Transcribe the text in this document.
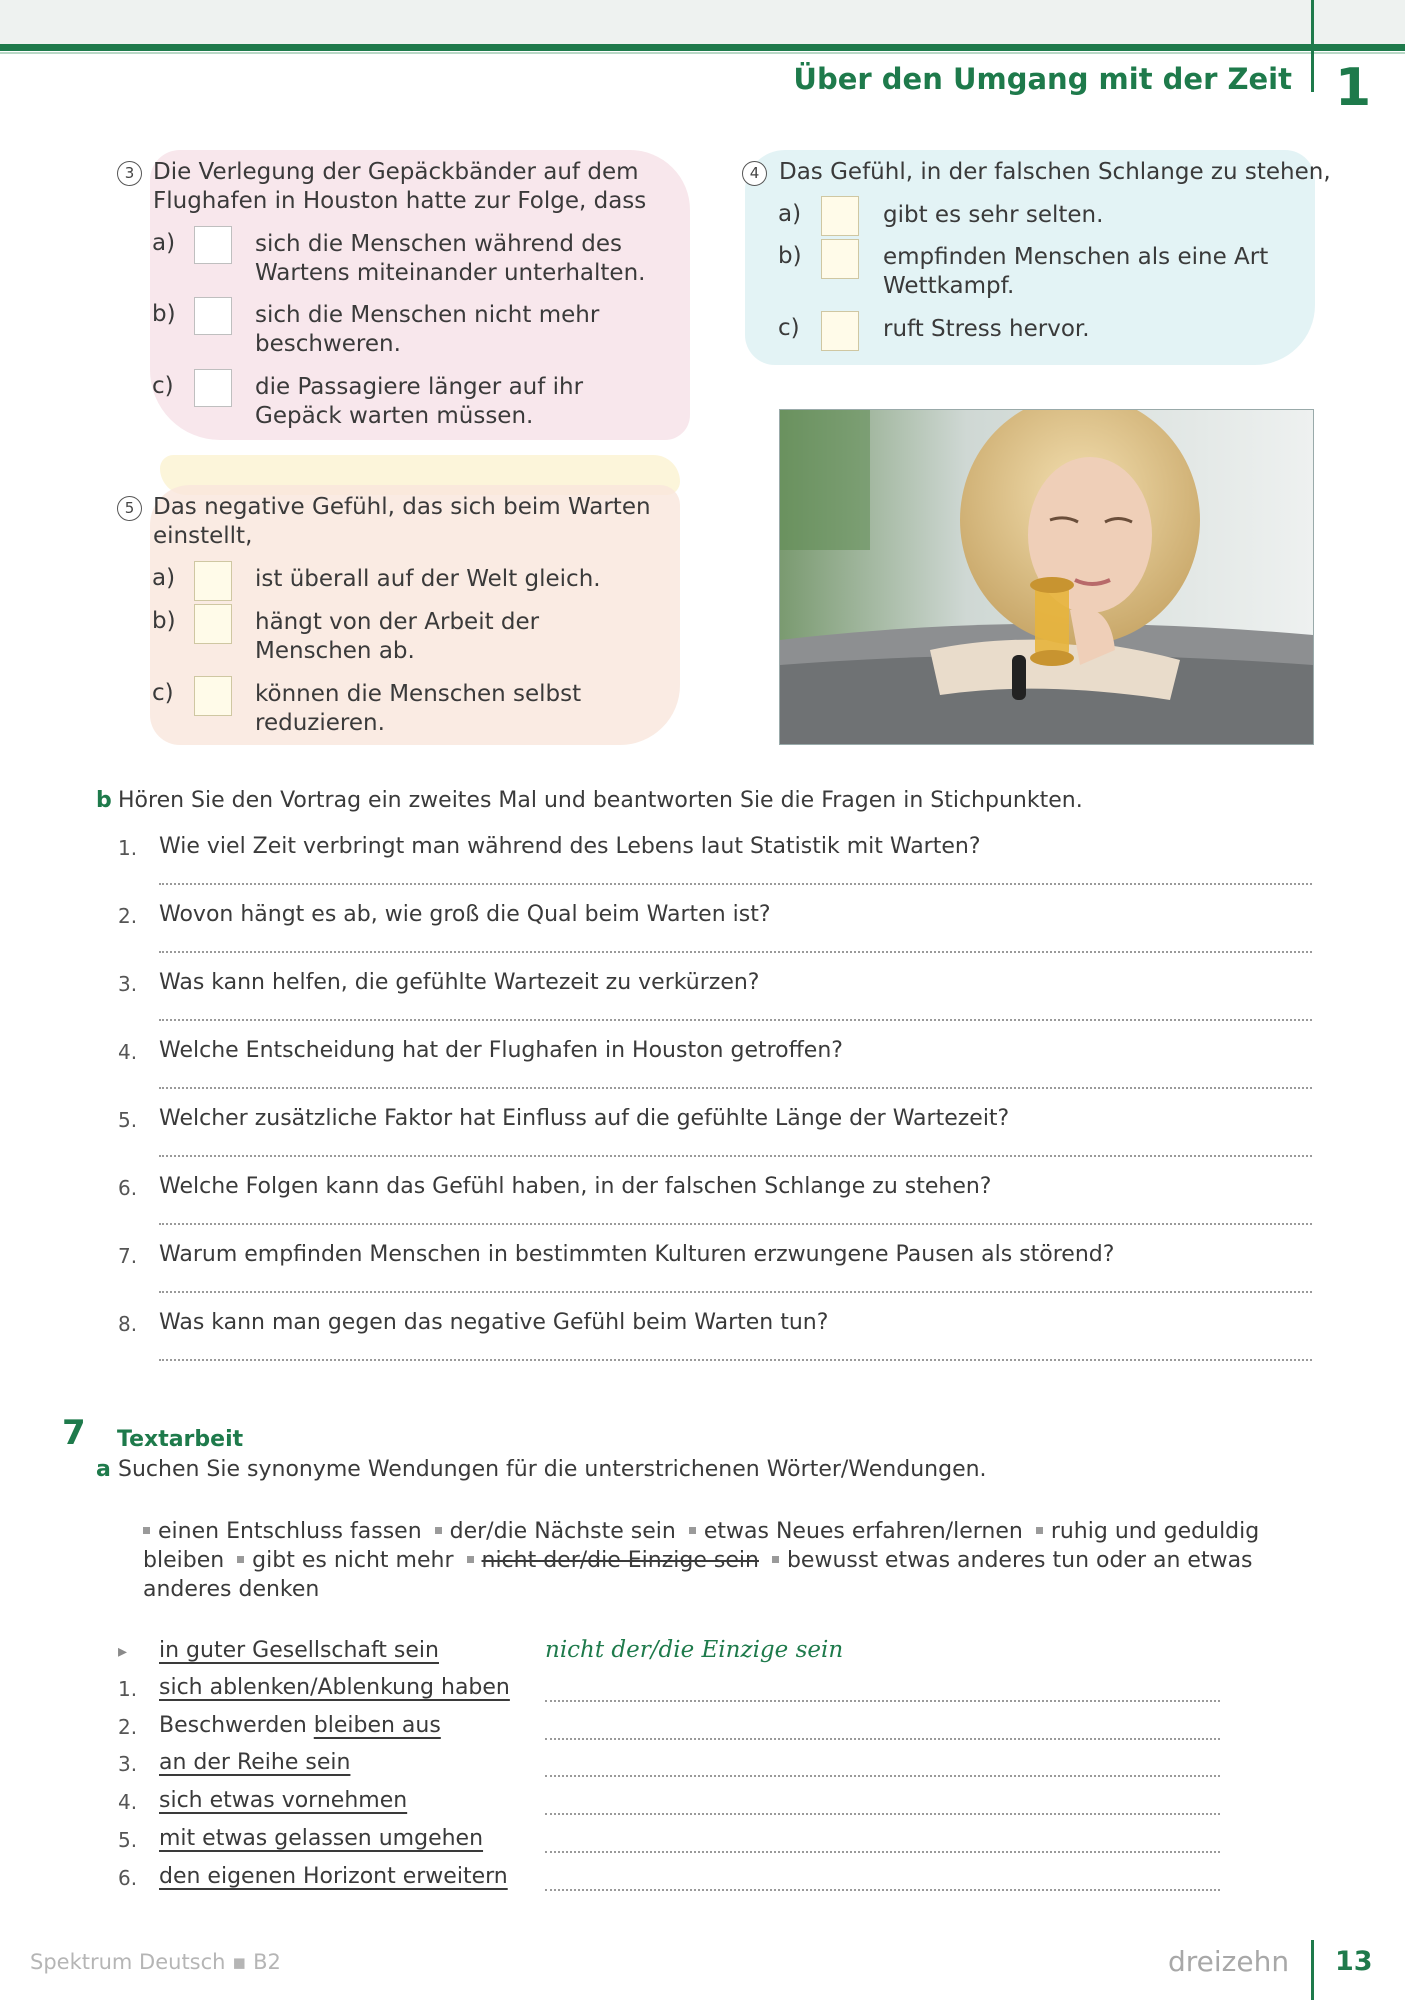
Über den Umgang mit der Zeit 1
3 Die Verlegung der Gepäckbänder auf dem Flughafen in Houston hatte zur Folge, dass
a)	sich die Menschen während des Wartens miteinander unterhalten.
b)	sich die Menschen nicht mehr beschweren.
c)	die Passagiere länger auf ihr Gepäck warten müssen.
4 Das Gefühl, in der falschen Schlange zu stehen,
a)	gibt es sehr selten.
b)	empfinden Menschen als eine Art Wettkampf.
c)	ruft Stress hervor.
5 Das negative Gefühl, das sich beim Warten einstellt,
a)	ist überall auf der Welt gleich.
b)	hängt von der Arbeit der Menschen ab.
c)	können die Menschen selbst reduzieren.
b Hören Sie den Vortrag ein zweites Mal und beantworten Sie die Fragen in Stichpunkten.
1. Wie viel Zeit verbringt man während des Lebens laut Statistik mit Warten?
2. Wovon hängt es ab, wie groß die Qual beim Warten ist?
3. Was kann helfen, die gefühlte Wartezeit zu verkürzen?
4. Welche Entscheidung hat der Flughafen in Houston getroffen?
5. Welcher zusätzliche Faktor hat Einfluss auf die gefühlte Länge der Wartezeit?
6. Welche Folgen kann das Gefühl haben, in der falschen Schlange zu stehen?
7. Warum empfinden Menschen in bestimmten Kulturen erzwungene Pausen als störend?
8. Was kann man gegen das negative Gefühl beim Warten tun?
7 Textarbeit
a Suchen Sie synonyme Wendungen für die unterstrichenen Wörter/Wendungen.
einen Entschluss fassen der/die Nächste sein etwas Neues erfahren/lernen ruhig und geduldig bleiben gibt es nicht mehr nicht der/die Einzige sein bewusst etwas anderes tun oder an etwas anderes denken
▸ in guter Gesellschaft sein	nicht der/die Einzige sein
1. sich ablenken/Ablenkung haben
2. Beschwerden bleiben aus
3. an der Reihe sein
4. sich etwas vornehmen
5. mit etwas gelassen umgehen
6. den eigenen Horizont erweitern
Spektrum Deutsch ▪ B2	dreizehn 13
